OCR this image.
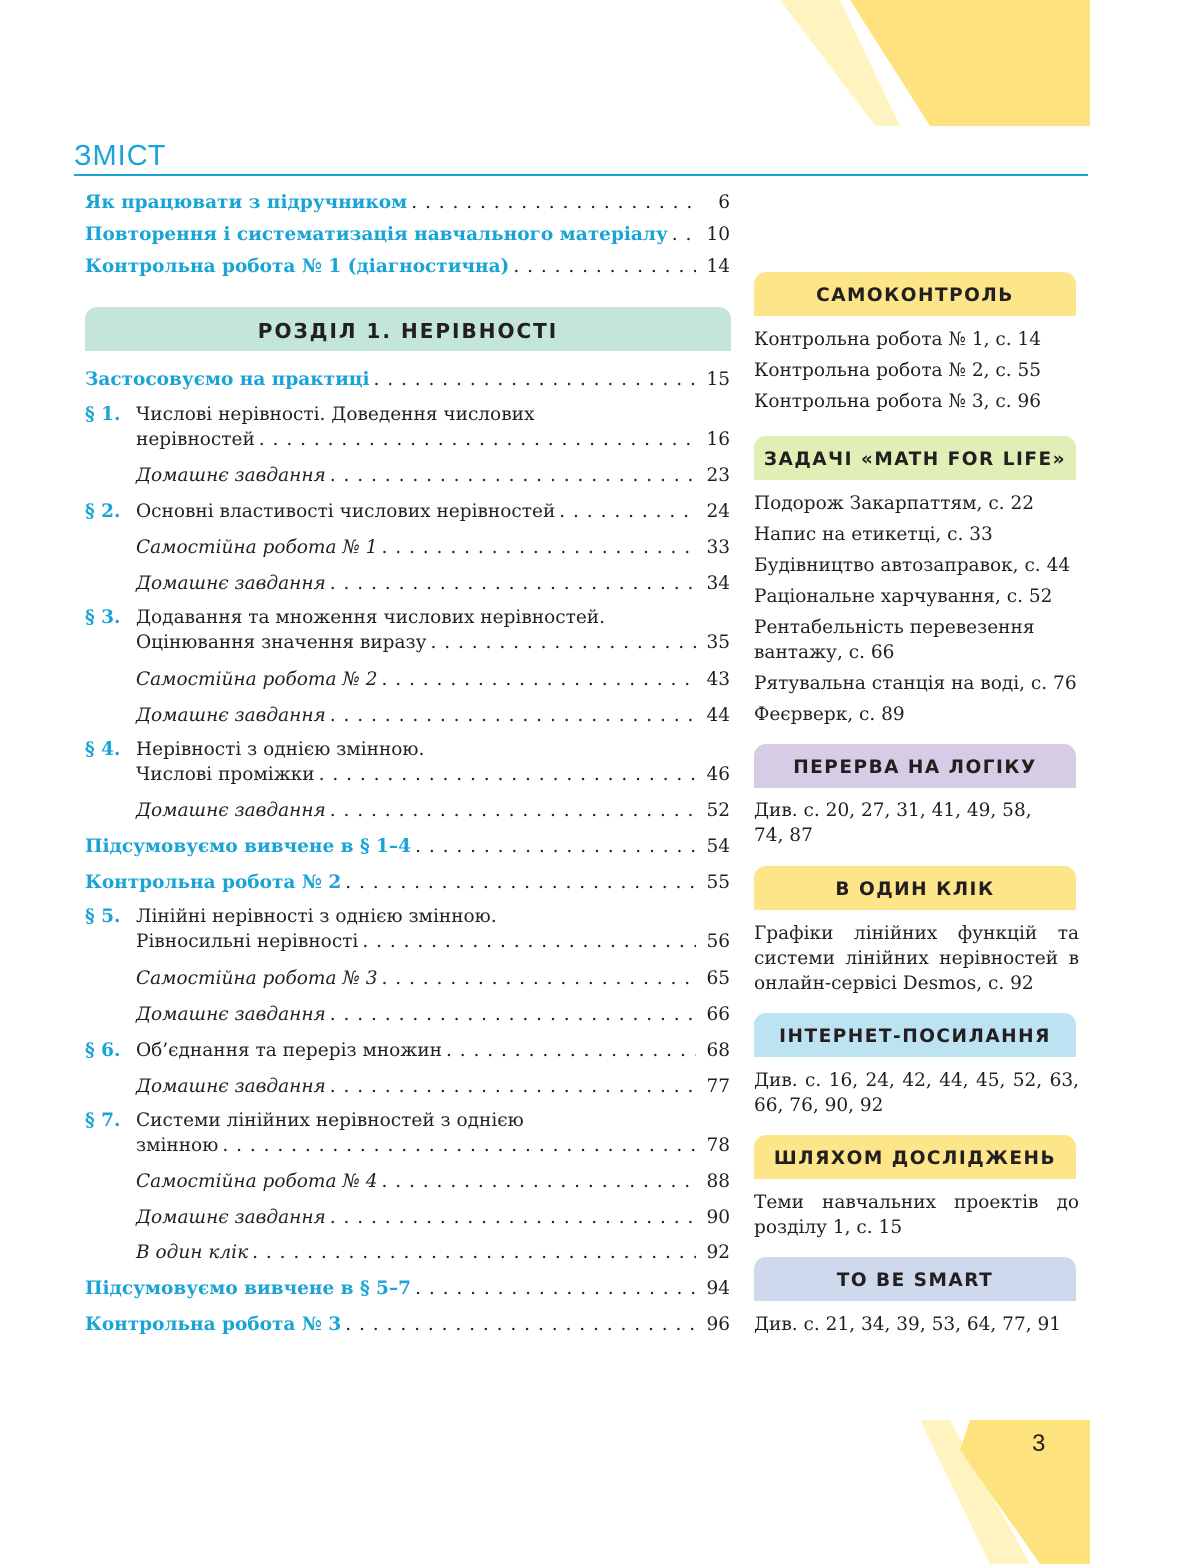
ЗМІСТ
Як працювати з підручником . . .	6
Повторення і систематизація навчального матеріалу . . . 10
Контрольна робота № 1 (діагностична) . . .	14
РОЗДІЛ 1. НЕРІВНОСТІ
Застосовуємо на практиці . . .	15
§ 1. Числові нерівності. Доведення числових
нерівностей . . .	16
Домашнє завдання . . .	23
§ 2. Основні властивості числових нерівностей . . .	24
Самостійна робота № 1 . . .	33
Домашнє завдання . . .	34
§ 3. Додавання та множення числових нерівностей.
Оцінювання значення виразу . . .	35
Самостійна робота № 2 . . .	43
Домашнє завдання . . .	44
§ 4. Нерівності з однією змінною.
Числові проміжки . . .	46
Домашнє завдання . . .	52
Підсумовуємо вивчене в § 1–4 . . .	54
Контрольна робота № 2 . . .	55
§ 5. Лінійні нерівності з однією змінною.
Рівносильні нерівності . . .	56
Самостійна робота № 3 . . .	65
Домашнє завдання . . .	66
§ 6. Об’єднання та переріз множин . . .	68
Домашнє завдання . . .	77
§ 7. Системи лінійних нерівностей з однією
змінною . . .	78
Самостійна робота № 4 . . .	88
Домашнє завдання . . .	90
В один клік . . .	92
Підсумовуємо вивчене в § 5–7 . . .	94
Контрольна робота № 3 . . .	96
САМОКОНТРОЛЬ
Контрольна робота № 1, с. 14
Контрольна робота № 2, с. 55
Контрольна робота № 3, с. 96
ЗАДАЧІ «MATH FOR LIFE»
Подорож Закарпаттям, с. 22
Напис на етикетці, с. 33
Будівництво автозаправок, с. 44
Раціональне харчування, с. 52
Рентабельність перевезення вантажу, с. 66
Рятувальна станція на воді, с. 76
Феєрверк, с. 89
ПЕРЕРВА НА ЛОГІКУ
Див. с. 20, 27, 31, 41, 49, 58, 74, 87
В ОДИН КЛІК
Графіки лінійних функцій та системи лінійних нерівностей в онлайн-сервісі Desmos, с. 92
ІНТЕРНЕТ-ПОСИЛАННЯ
Див. с. 16, 24, 42, 44, 45, 52, 63, 66, 76, 90, 92
ШЛЯХОМ ДОСЛІДЖЕНЬ
Теми навчальних проектів до розділу 1, с. 15
TO BE SMART
Див. с. 21, 34, 39, 53, 64, 77, 91
3
